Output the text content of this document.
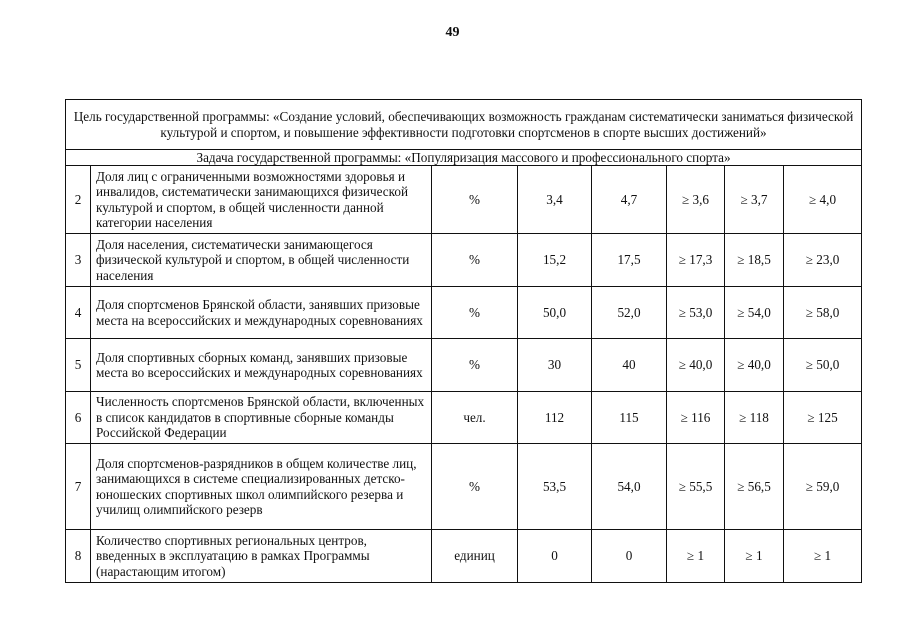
49
Цель государственной программы: «Создание условий, обеспечивающих возможность гражданам систематически заниматься физической культурой и спортом, и повышение эффективности подготовки спортсменов в спорте высших достижений»							
Задача государственной программы: «Популяризация массового и профессионального спорта»							
2	Доля лиц с ограниченными возможностями здоровья и инвалидов, систематически занимающихся физической культурой и спортом, в общей численности данной категории населения	%	3,4	4,7	≥ 3,6	≥ 3,7	≥ 4,0
3	Доля населения, систематически занимающегося физической культурой и спортом, в общей численности населения	%	15,2	17,5	≥ 17,3	≥ 18,5	≥ 23,0
4	Доля спортсменов Брянской области, занявших призовые места на всероссийских и международных соревнованиях	%	50,0	52,0	≥ 53,0	≥ 54,0	≥ 58,0
5	Доля спортивных сборных команд, занявших призовые места во всероссийских и международных соревнованиях	%	30	40	≥ 40,0	≥ 40,0	≥ 50,0
6	Численность спортсменов Брянской области, включенных в список кандидатов в спортивные сборные команды Российской Федерации	чел.	112	115	≥ 116	≥ 118	≥ 125
7	Доля спортсменов-разрядников в общем количестве лиц, занимающихся в системе специализированных детско-юношеских спортивных школ олимпийского резерва и училищ олимпийского резерв	%	53,5	54,0	≥ 55,5	≥ 56,5	≥ 59,0
8	Количество спортивных региональных центров, введенных в эксплуатацию в рамках Программы (нарастающим итогом)	единиц	0	0	≥ 1	≥ 1	≥ 1
